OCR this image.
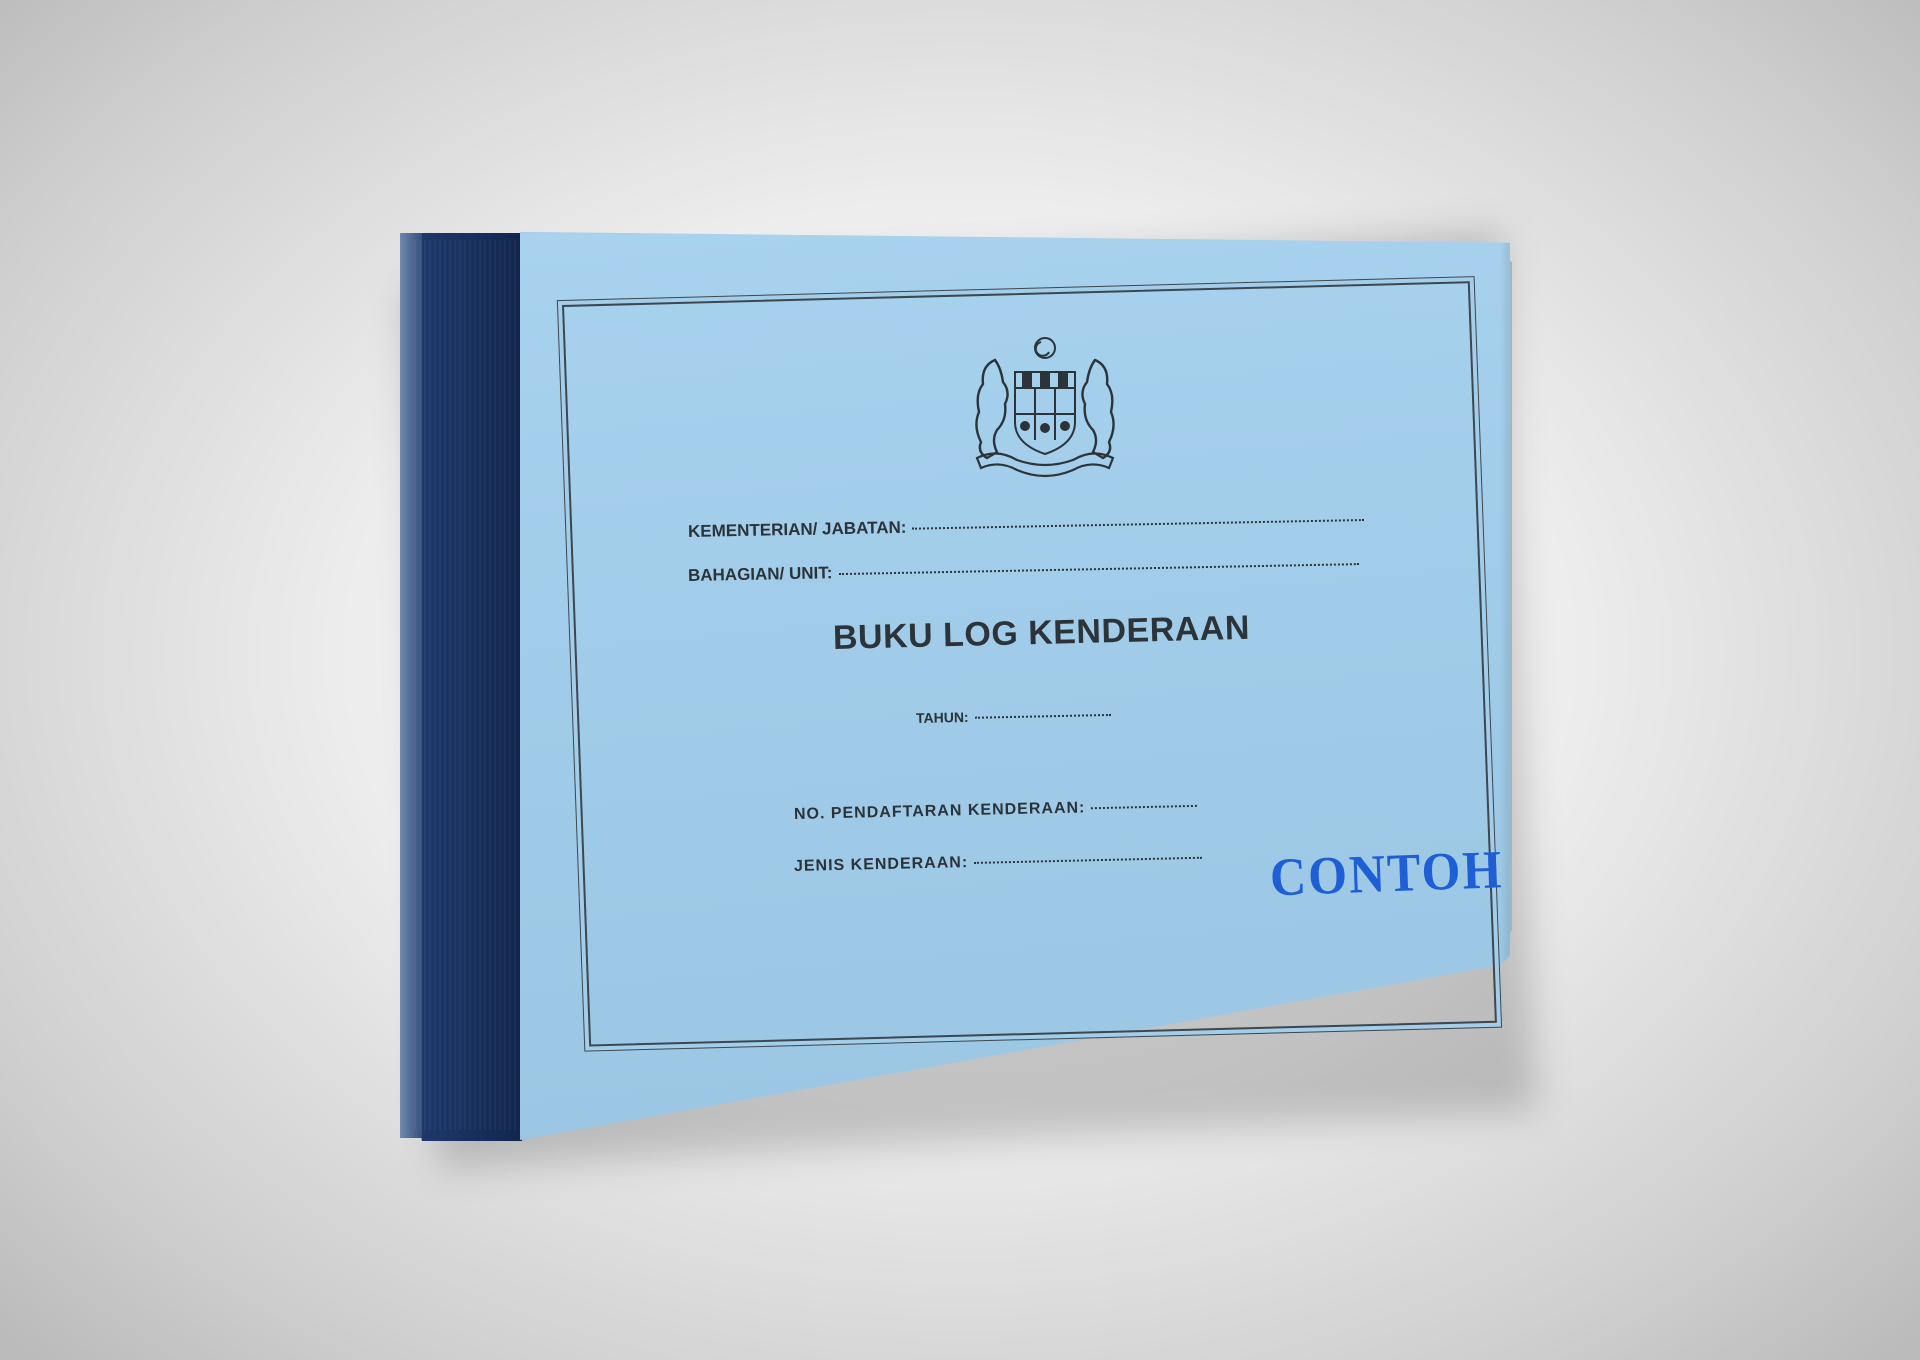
KEMENTERIAN/ JABATAN:
BAHAGIAN/ UNIT:
BUKU LOG KENDERAAN
TAHUN:
NO. PENDAFTARAN KENDERAAN:
JENIS KENDERAAN:	CONTOH
